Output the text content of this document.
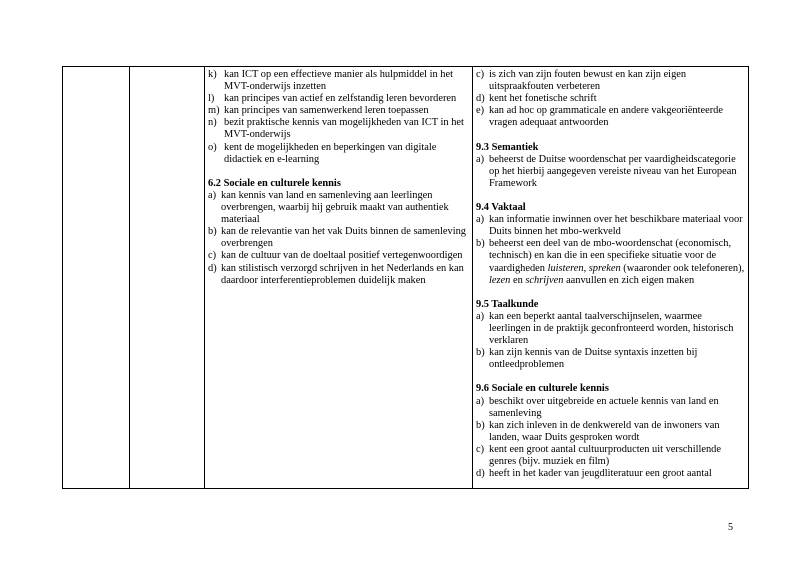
k) kan ICT op een effectieve manier als hulpmiddel in het MVT-onderwijs inzetten
l) kan principes van actief en zelfstandig leren bevorderen
m) kan principes van samenwerkend leren toepassen
n) bezit praktische kennis van mogelijkheden van ICT in het MVT-onderwijs
o) kent de mogelijkheden en beperkingen van digitale didactiek en e-learning
6.2 Sociale en culturele kennis
a) kan kennis van land en samenleving aan leerlingen overbrengen, waarbij hij gebruik maakt van authentiek materiaal
b) kan de relevantie van het vak Duits binnen de samenleving overbrengen
c) kan de cultuur van de doeltaal positief vertegenwoordigen
d) kan stilistisch verzorgd schrijven in het Nederlands en kan daardoor interferentieproblemen duidelijk maken
c) is zich van zijn fouten bewust en kan zijn eigen uitspraakfouten verbeteren
d) kent het fonetische schrift
e) kan ad hoc op grammaticale en andere vakgeoriënteerde vragen adequaat antwoorden
9.3 Semantiek
a) beheerst de Duitse woordenschat per vaardigheidscategorie op het hierbij aangegeven vereiste niveau van het European Framework
9.4 Vaktaal
a) kan informatie inwinnen over het beschikbare materiaal voor Duits binnen het mbo-werkveld
b) beheerst een deel van de mbo-woordenschat (economisch, technisch) en kan die in een specifieke situatie voor de vaardigheden luisteren, spreken (waaronder ook telefoneren), lezen en schrijven aanvullen en zich eigen maken
9.5 Taalkunde
a) kan een beperkt aantal taalverschijnselen, waarmee leerlingen in de praktijk geconfronteerd worden, historisch verklaren
b) kan zijn kennis van de Duitse syntaxis inzetten bij ontleedproblemen
9.6 Sociale en culturele kennis
a) beschikt over uitgebreide en actuele kennis van land en samenleving
b) kan zich inleven in de denkwereld van de inwoners van landen, waar Duits gesproken wordt
c) kent een groot aantal cultuurproducten uit verschillende genres (bijv. muziek en film)
d) heeft in het kader van jeugdliteratuur een groot aantal
5
